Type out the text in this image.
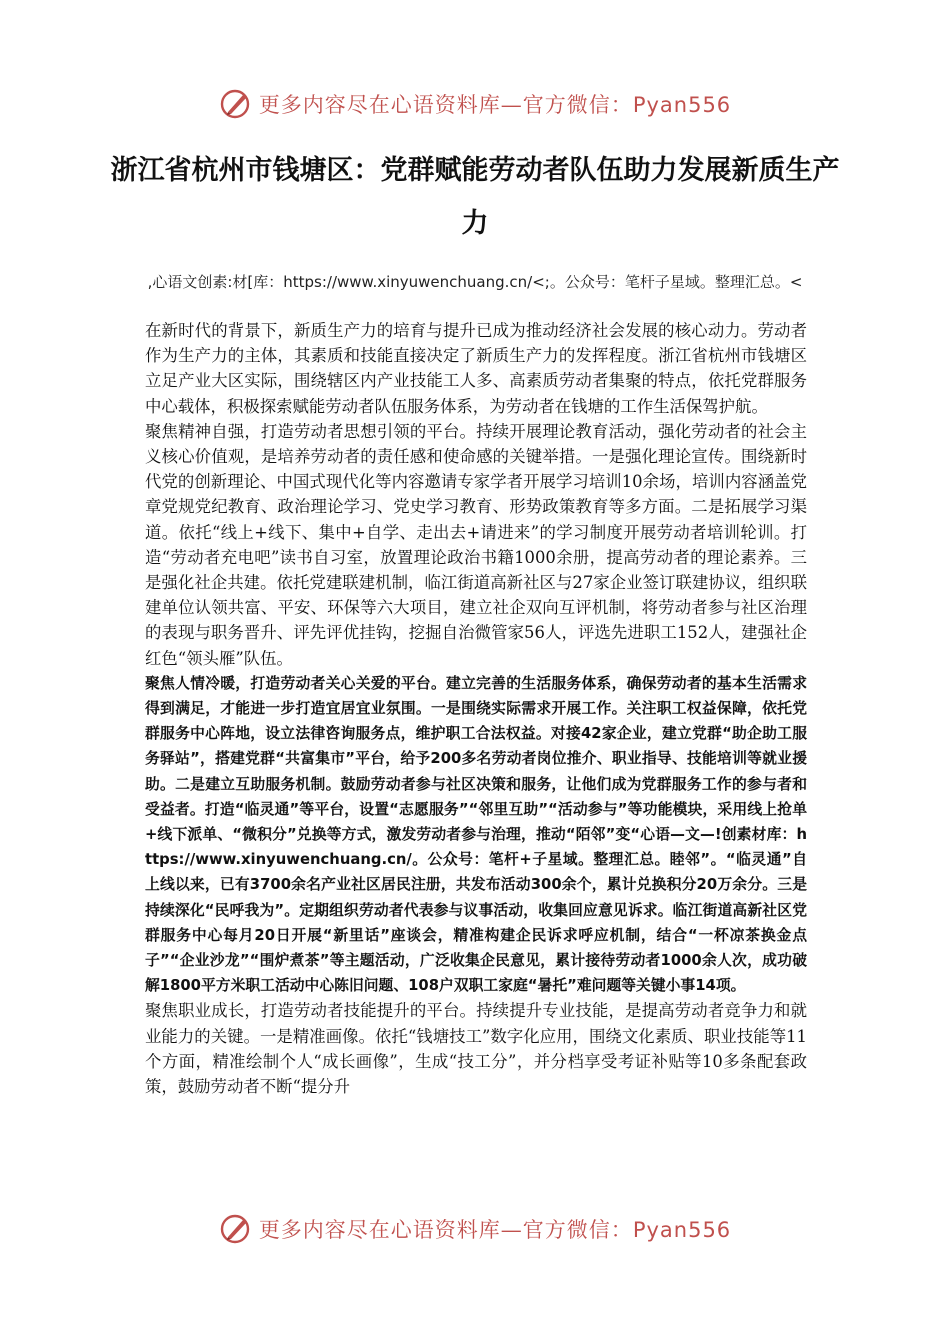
更多内容尽在心语资料库—官方微信：Pyan556
浙江省杭州市钱塘区：党群赋能劳动者队伍助力发展新质生产力

,心语文创素:材[库：https://www.xinyuwenchuang.cn/<;。公众号：笔杆子星域。整理汇总。<

在新时代的背景下，新质生产力的培育与提升已成为推动经济社会发展的核心动力。劳动者作为生产力的主体，其素质和技能直接决定了新质生产力的发挥程度。浙江省杭州市钱塘区立足产业大区实际，围绕辖区内产业技能工人多、高素质劳动者集聚的特点，依托党群服务中心载体，积极探索赋能劳动者队伍服务体系，为劳动者在钱塘的工作生活保驾护航。

聚焦精神自强，打造劳动者思想引领的平台。持续开展理论教育活动，强化劳动者的社会主义核心价值观，是培养劳动者的责任感和使命感的关键举措。一是强化理论宣传。围绕新时代党的创新理论、中国式现代化等内容邀请专家学者开展学习培训10余场，培训内容涵盖党章党规党纪教育、政治理论学习、党史学习教育、形势政策教育等多方面。二是拓展学习渠道。依托“线上+线下、集中+自学、走出去+请进来”的学习制度开展劳动者培训轮训。打造“劳动者充电吧”读书自习室，放置理论政治书籍1000余册，提高劳动者的理论素养。三是强化社企共建。依托党建联建机制，临江街道高新社区与27家企业签订联建协议，组织联建单位认领共富、平安、环保等六大项目，建立社企双向互评机制，将劳动者参与社区治理的表现与职务晋升、评先评优挂钩，挖掘自治微管家56人，评选先进职工152人，建强社企红色“领头雁”队伍。

聚焦人情冷暖，打造劳动者关心关爱的平台。建立完善的生活服务体系，确保劳动者的基本生活需求得到满足，才能进一步打造宜居宜业氛围。一是围绕实际需求开展工作。关注职工权益保障，依托党群服务中心阵地，设立法律咨询服务点，维护职工合法权益。对接42家企业，建立党群“助企助工服务驿站”，搭建党群“共富集市”平台，给予200多名劳动者岗位推介、职业指导、技能培训等就业援助。二是建立互助服务机制。鼓励劳动者参与社区决策和服务，让他们成为党群服务工作的参与者和受益者。打造“临灵通”等平台，设置“志愿服务”“邻里互助”“活动参与”等功能模块，采用线上抢单+线下派单、“微积分”兑换等方式，激发劳动者参与治理，推动“陌邻”变“心语—文—!创素材库：https://www.xinyuwenchuang.cn/。公众号：笔杆+子星域。整理汇总。睦邻”。“临灵通”自上线以来，已有3700余名产业社区居民注册，共发布活动300余个，累计兑换积分20万余分。三是持续深化“民呼我为”。定期组织劳动者代表参与议事活动，收集回应意见诉求。临江街道高新社区党群服务中心每月20日开展“新里话”座谈会，精准构建企民诉求呼应机制，结合“一杯凉茶换金点子”“企业沙龙”“围炉煮茶”等主题活动，广泛收集企民意见，累计接待劳动者1000余人次，成功破解1800平方米职工活动中心陈旧问题、108户双职工家庭“暑托”难问题等关键小事14项。

聚焦职业成长，打造劳动者技能提升的平台。持续提升专业技能，是提高劳动者竞争力和就业能力的关键。一是精准画像。依托“钱塘技工”数字化应用，围绕文化素质、职业技能等11个方面，精准绘制个人“成长画像”，生成“技工分”，并分档享受考证补贴等10多条配套政策，鼓励劳动者不断“提分升

更多内容尽在心语资料库—官方微信：Pyan556
